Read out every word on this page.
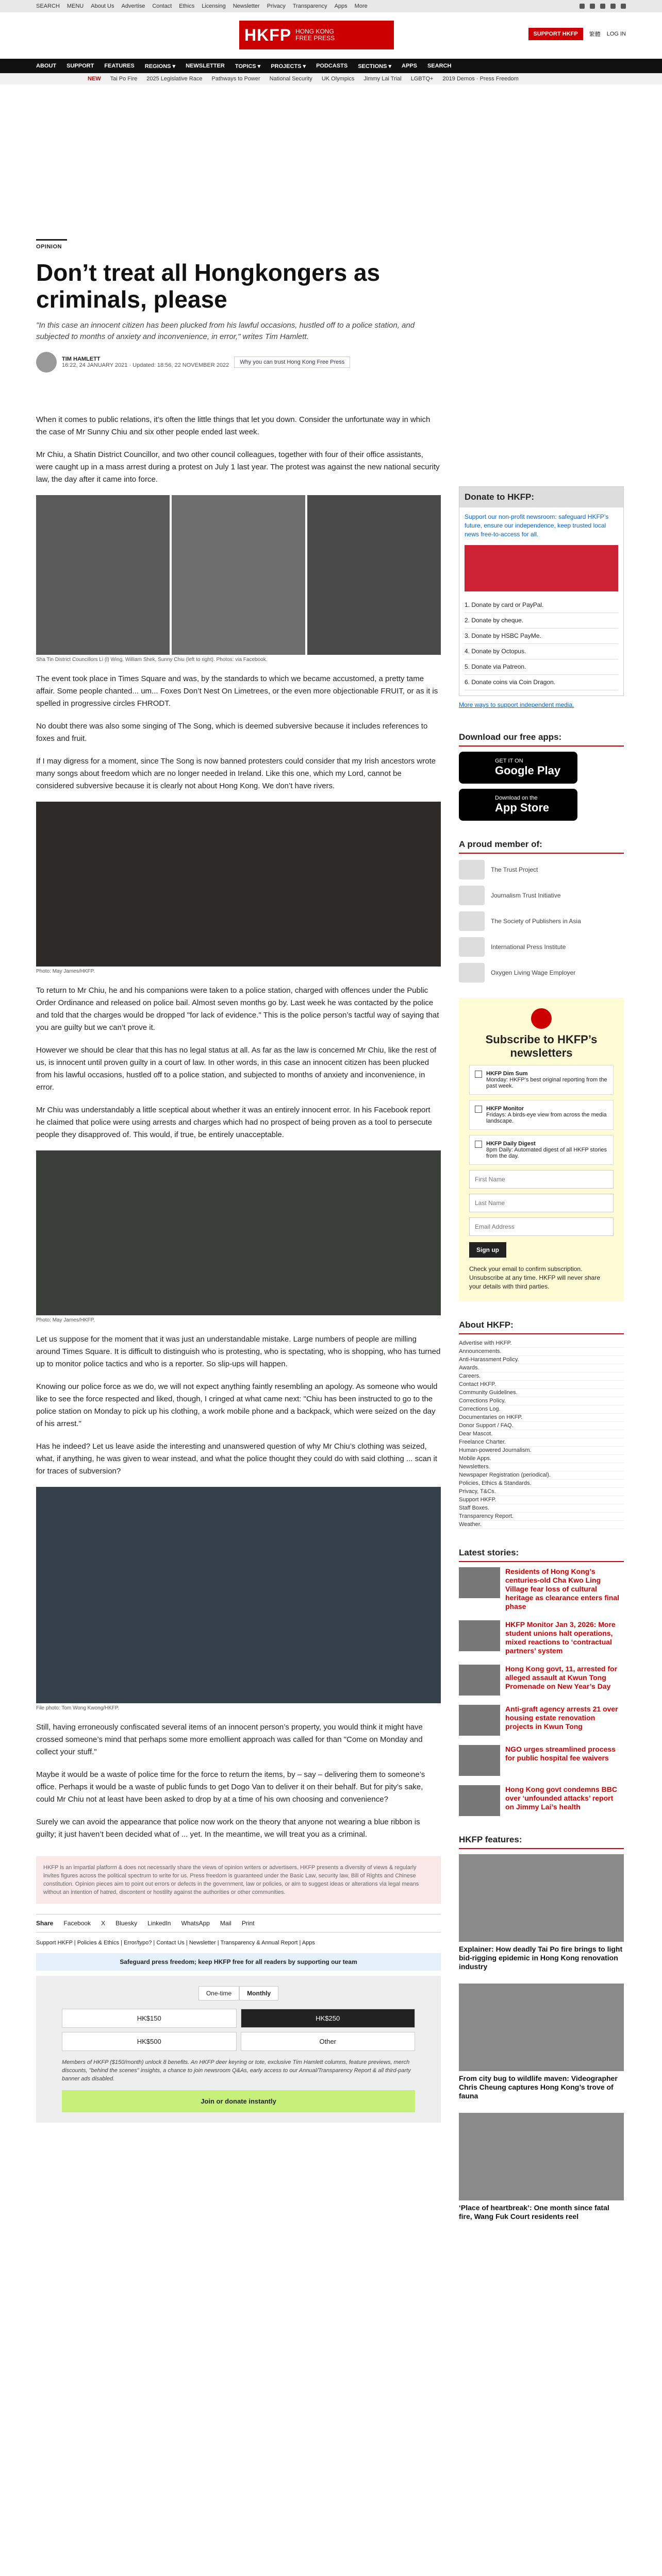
SEARCH MENU About Us Advertise Contact Ethics Licensing Newsletter Privacy Transparency Apps More
HKFP HONG KONG
FREE PRESS
SUPPORT HKFP	繁體 LOG IN
ABOUT SUPPORT FEATURES REGIONS ▾ NEWSLETTER TOPICS ▾ PROJECTS ▾ PODCASTS SECTIONS ▾ APPS SEARCH
NEW Tai Po Fire 2025 Legislative Race Pathways to Power National Security UK Olympics Jimmy Lai Trial LGBTQ+ 2019 Demos · Press Freedom
OPINION
Don’t treat all Hongkongers as criminals, please
"In this case an innocent citizen has been plucked from his lawful occasions, hustled off to a police station, and subjected to months of anxiety and inconvenience, in error," writes Tim Hamlett.
TIM HAMLETT
16:22, 24 JANUARY 2021 · Updated: 18:56, 22 NOVEMBER 2022	Why you can trust Hong Kong Free Press

When it comes to public relations, it’s often the little things that let you down. Consider the unfortunate way in which the case of Mr Sunny Chiu and six other people ended last week.

Mr Chiu, a Shatin District Councillor, and two other council colleagues, together with four of their office assistants, were caught up in a mass arrest during a protest on July 1 last year. The protest was against the new national security law, the day after it came into force.

Sha Tin District Councillors Li (l) Wing, William Shek, Sunny Chiu (left to right). Photos: via Facebook.

The event took place in Times Square and was, by the standards to which we became accustomed, a pretty tame affair. Some people chanted... um... Foxes Don’t Nest On Limetrees, or the even more objectionable FRUIT, or as it is spelled in progressive circles FHRODT.

No doubt there was also some singing of The Song, which is deemed subversive because it includes references to foxes and fruit.

If I may digress for a moment, since The Song is now banned protesters could consider that my Irish ancestors wrote many songs about freedom which are no longer needed in Ireland. Like this one, which my Lord, cannot be considered subversive because it is clearly not about Hong Kong. We don’t have rivers.

Photo: May James/HKFP.

To return to Mr Chiu, he and his companions were taken to a police station, charged with offences under the Public Order Ordinance and released on police bail. Almost seven months go by. Last week he was contacted by the police and told that the charges would be dropped "for lack of evidence." This is the police person’s tactful way of saying that you are guilty but we can’t prove it.

However we should be clear that this has no legal status at all. As far as the law is concerned Mr Chiu, like the rest of us, is innocent until proven guilty in a court of law. In other words, in this case an innocent citizen has been plucked from his lawful occasions, hustled off to a police station, and subjected to months of anxiety and inconvenience, in error.

Mr Chiu was understandably a little sceptical about whether it was an entirely innocent error. In his Facebook report he claimed that police were using arrests and charges which had no prospect of being proven as a tool to persecute people they disapproved of. This would, if true, be entirely unacceptable.

Photo: May James/HKFP.

Let us suppose for the moment that it was just an understandable mistake. Large numbers of people are milling around Times Square. It is difficult to distinguish who is protesting, who is spectating, who is shopping, who has turned up to monitor police tactics and who is a reporter. So slip-ups will happen.

Knowing our police force as we do, we will not expect anything faintly resembling an apology. As someone who would like to see the force respected and liked, though, I cringed at what came next: "Chiu has been instructed to go to the police station on Monday to pick up his clothing, a work mobile phone and a backpack, which were seized on the day of his arrest."

Has he indeed? Let us leave aside the interesting and unanswered question of why Mr Chiu’s clothing was seized, what, if anything, he was given to wear instead, and what the police thought they could do with said clothing ... scan it for traces of subversion?

File photo: Tom Wong Kwong/HKFP.

Still, having erroneously confiscated several items of an innocent person’s property, you would think it might have crossed someone’s mind that perhaps some more emollient approach was called for than "Come on Monday and collect your stuff."

Maybe it would be a waste of police time for the force to return the items, by – say – delivering them to someone’s office. Perhaps it would be a waste of public funds to get Dogo Van to deliver it on their behalf. But for pity’s sake, could Mr Chiu not at least have been asked to drop by at a time of his own choosing and convenience?

Surely we can avoid the appearance that police now work on the theory that anyone not wearing a blue ribbon is guilty; it just haven’t been decided what of ... yet. In the meantime, we will treat you as a criminal.

HKFP is an impartial platform & does not necessarily share the views of opinion writers or advertisers. HKFP presents a diversity of views & regularly invites figures across the political spectrum to write for us. Press freedom is guaranteed under the Basic Law, security law, Bill of Rights and Chinese constitution. Opinion pieces aim to point out errors or defects in the government, law or policies, or aim to suggest ideas or alterations via legal means without an intention of hatred, discontent or hostility against the authorities or other communities.
Share Facebook X Bluesky LinkedIn WhatsApp Mail Print
Support HKFP | Policies & Ethics | Error/typo? | Contact Us | Newsletter | Transparency & Annual Report | Apps
Safeguard press freedom; keep HKFP free for all readers by supporting our team
One-time	Monthly
HK$150	HK$250
HK$500	Other
Members of HKFP ($150/month) unlock 8 benefits. An HKFP deer keyring or tote, exclusive Tim Hamlett columns, feature previews, merch discounts, "behind the scenes" insights, a chance to join newsroom Q&As, early access to our Annual/Transparency Report & all third-party banner ads disabled.
Join or donate instantly
Donate to HKFP:
Support our non-profit newsroom: safeguard HKFP’s future, ensure our independence, keep trusted local news free-to-access for all.
1. Donate by card or PayPal.
2. Donate by cheque.
3. Donate by HSBC PayMe.
4. Donate by Octopus.
5. Donate via Patreon.
6. Donate coins via Coin Dragon.
More ways to support independent media.
Download our free apps:
GET IT ON
Google Play
Download on the
App Store
A proud member of:
The Trust Project
Journalism Trust Initiative
The Society of Publishers in Asia
International Press Institute
Oxygen Living Wage Employer
Subscribe to HKFP’s newsletters
HKFP Dim Sum
Monday: HKFP’s best original reporting from the past week.
HKFP Monitor
Fridays: A birds-eye view from across the media landscape.
HKFP Daily Digest
8pm Daily: Automated digest of all HKFP stories from the day.
First Name Last Name Email Address Sign up
Check your email to confirm subscription. Unsubscribe at any time. HKFP will never share your details with third parties.
About HKFP:
Advertise with HKFP.
Announcements.
Anti-Harassment Policy.
Awards.
Careers.
Contact HKFP.
Community Guidelines.
Corrections Policy.
Corrections Log.
Documentaries on HKFP.
Donor Support / FAQ.
Dear Mascot.
Freelance Charter.
Human-powered Journalism.
Mobile Apps.
Newsletters.
Newspaper Registration (periodical).
Policies, Ethics & Standards.
Privacy, T&Cs.
Support HKFP.
Staff Boxes.
Transparency Report.
Weather.
Latest stories:
Residents of Hong Kong’s centuries-old Cha Kwo Ling Village fear loss of cultural heritage as clearance enters final phase
HKFP Monitor Jan 3, 2026: More student unions halt operations, mixed reactions to ‘contractual partners’ system
Hong Kong govt, 11, arrested for alleged assault at Kwun Tong Promenade on New Year’s Day
Anti-graft agency arrests 21 over housing estate renovation projects in Kwun Tong
NGO urges streamlined process for public hospital fee waivers
Hong Kong govt condemns BBC over ‘unfounded attacks’ report on Jimmy Lai’s health
HKFP features:
Explainer: How deadly Tai Po fire brings to light bid-rigging epidemic in Hong Kong renovation industry
From city bug to wildlife maven: Videographer Chris Cheung captures Hong Kong’s trove of fauna
‘Place of heartbreak’: One month since fatal fire, Wang Fuk Court residents reel
